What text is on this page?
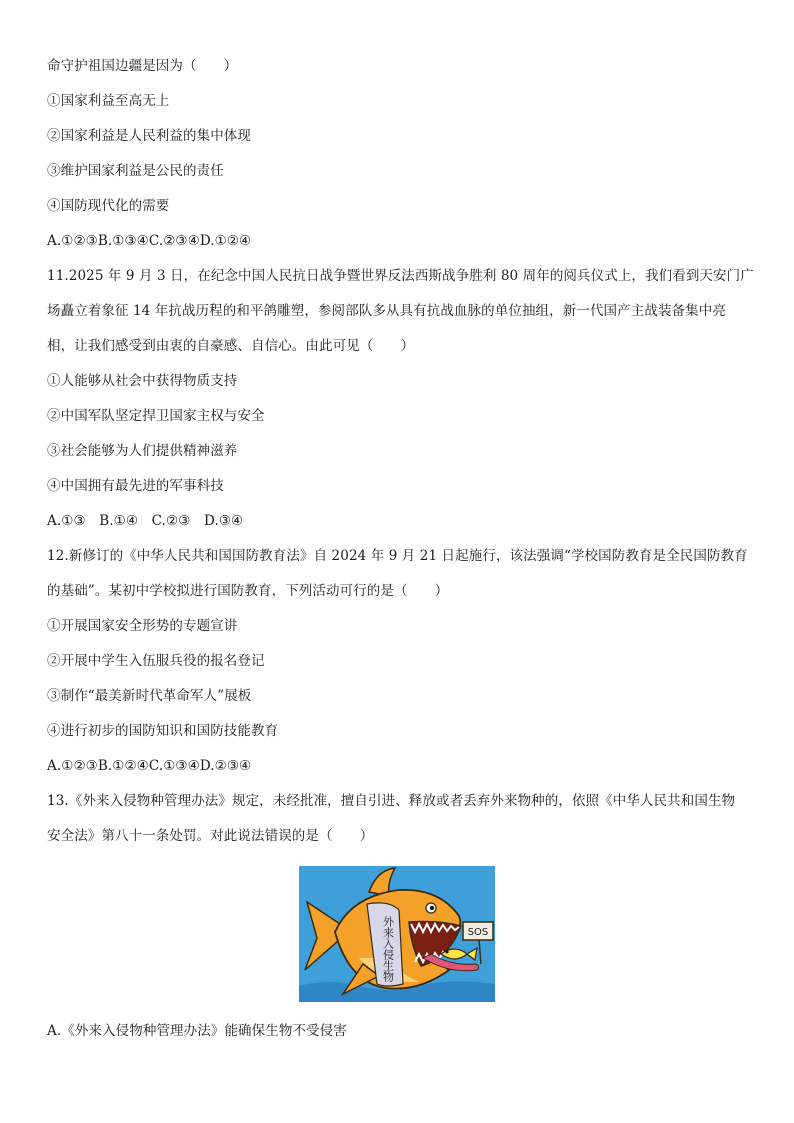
命守护祖国边疆是因为（　　）
①国家利益至高无上
②国家利益是人民利益的集中体现
③维护国家利益是公民的责任
④国防现代化的需要
A.①②③B.①③④C.②③④D.①②④
11.2025 年 9 月 3 日，在纪念中国人民抗日战争暨世界反法西斯战争胜利 80 周年的阅兵仪式上，我们看到天安门广
场矗立着象征 14 年抗战历程的和平鸽雕塑，参阅部队多从具有抗战血脉的单位抽组，新一代国产主战装备集中亮
相，让我们感受到由衷的自豪感、自信心。由此可见（　　）
①人能够从社会中获得物质支持
②中国军队坚定捍卫国家主权与安全
③社会能够为人们提供精神滋养
④中国拥有最先进的军事科技
A.①③　B.①④　C.②③　D.③④
12.新修订的《中华人民共和国国防教育法》自 2024 年 9 月 21 日起施行，该法强调“学校国防教育是全民国防教育
的基础”。某初中学校拟进行国防教育，下列活动可行的是（　　）
①开展国家安全形势的专题宣讲
②开展中学生入伍服兵役的报名登记
③制作“最美新时代革命军人”展板
④进行初步的国防知识和国防技能教育
A.①②③B.①②④C.①③④D.②③④
13.《外来入侵物种管理办法》规定，未经批准，擅自引进、释放或者丢弃外来物种的，依照《中华人民共和国生物
安全法》第八十一条处罚。对此说法错误的是（　　）
SOS
外来入侵生物
A.《外来入侵物种管理办法》能确保生物不受侵害
